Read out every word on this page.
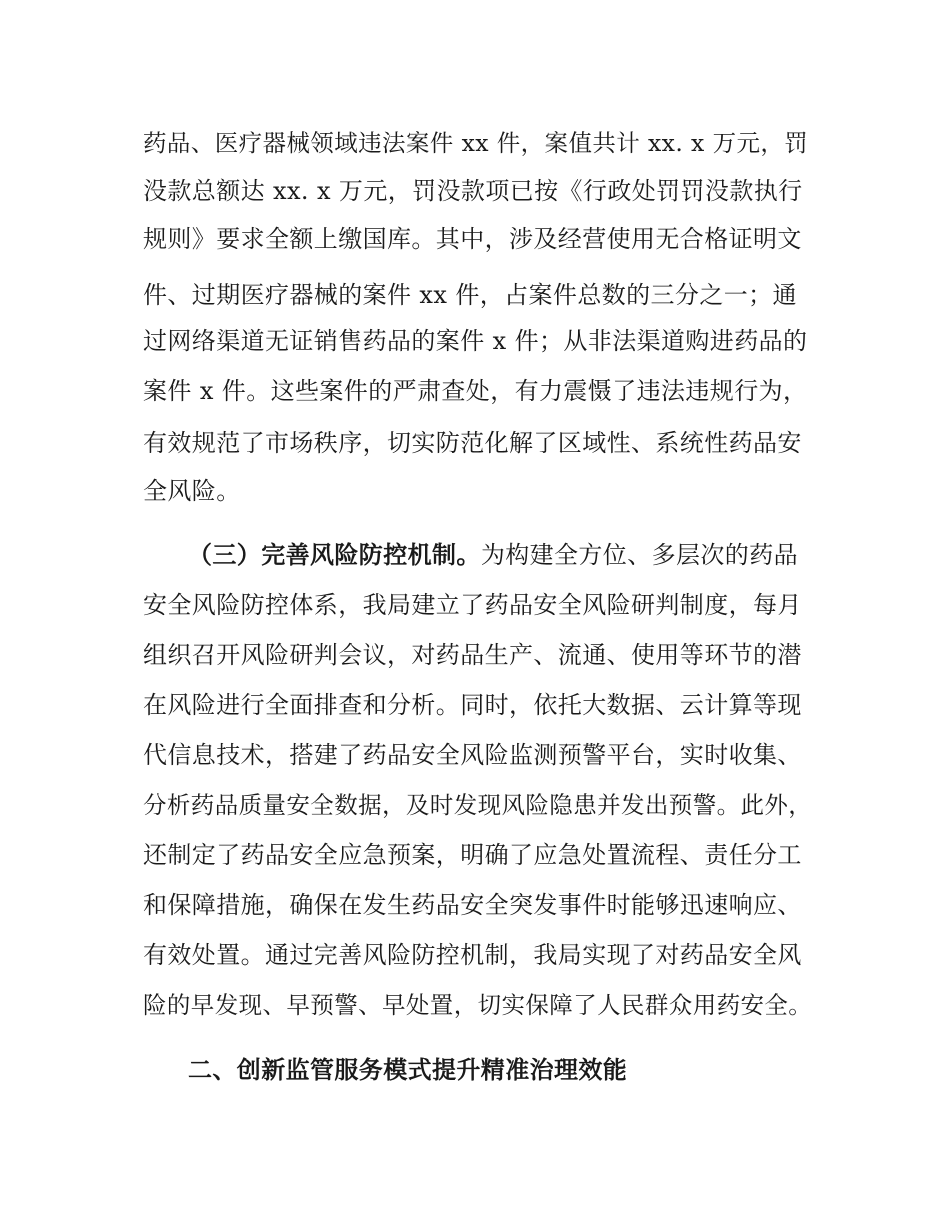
药品、医疗器械领域违法案件 xx 件，案值共计 xx. x 万元，罚
没款总额达 xx. x 万元，罚没款项已按《行政处罚罚没款执行
规则》要求全额上缴国库。其中，涉及经营使用无合格证明文
件、过期医疗器械的案件 xx 件，占案件总数的三分之一；通
过网络渠道无证销售药品的案件 x 件；从非法渠道购进药品的
案件 x 件。这些案件的严肃查处，有力震慑了违法违规行为，
有效规范了市场秩序，切实防范化解了区域性、系统性药品安
全风险。
（三）完善风险防控机制。为构建全方位、多层次的药品
安全风险防控体系，我局建立了药品安全风险研判制度，每月
组织召开风险研判会议，对药品生产、流通、使用等环节的潜
在风险进行全面排查和分析。同时，依托大数据、云计算等现
代信息技术，搭建了药品安全风险监测预警平台，实时收集、
分析药品质量安全数据，及时发现风险隐患并发出预警。此外，
还制定了药品安全应急预案，明确了应急处置流程、责任分工
和保障措施，确保在发生药品安全突发事件时能够迅速响应、
有效处置。通过完善风险防控机制，我局实现了对药品安全风
险的早发现、早预警、早处置，切实保障了人民群众用药安全。
二、创新监管服务模式提升精准治理效能
